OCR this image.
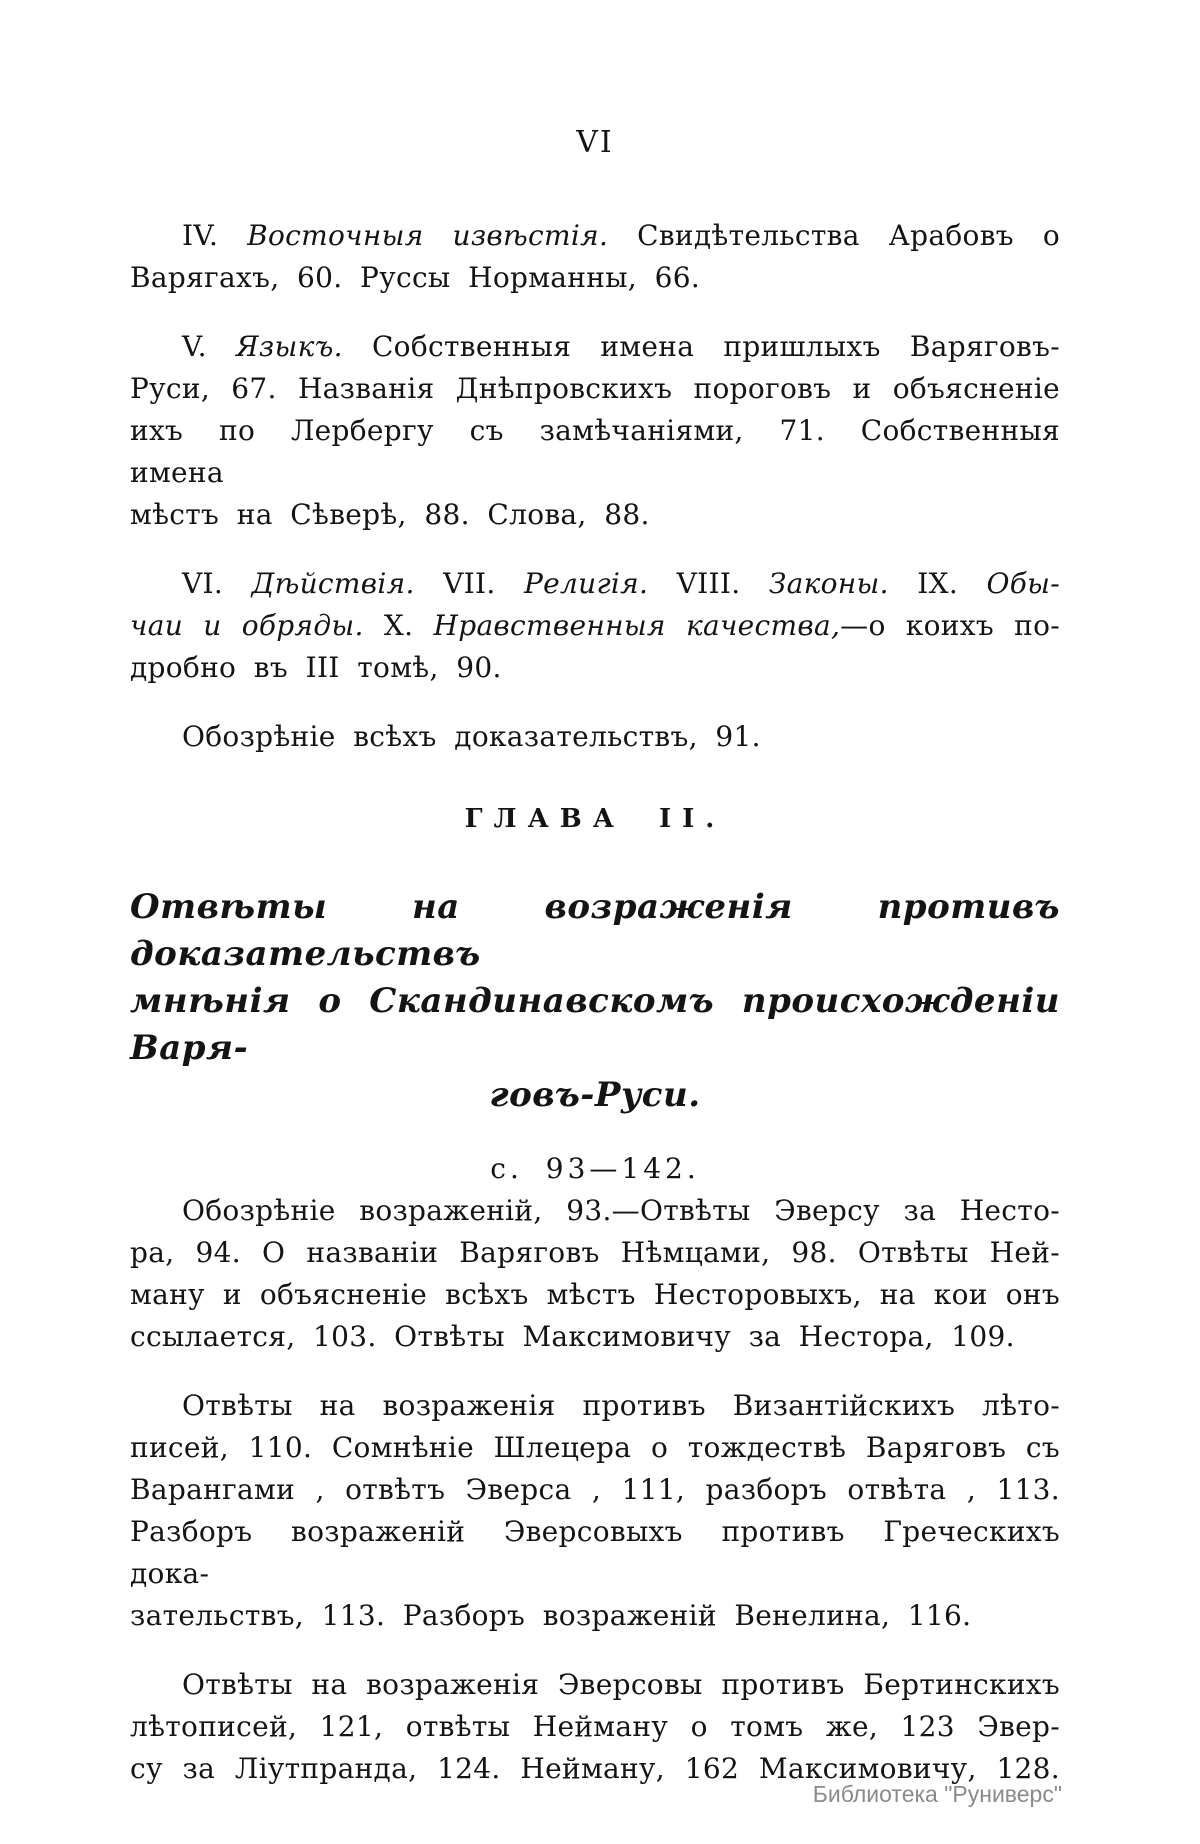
VI
IV. Восточныя извѣстія. Свидѣтельства Арабовъ о
Варягахъ, 60. Руссы Норманны, 66.
V. Языкъ. Собственныя имена пришлыхъ Варяговъ-
Руси, 67. Названія Днѣпровскихъ пороговъ и объясненіе
ихъ по Лербергу съ замѣчаніями, 71. Собственныя имена
мѣстъ на Сѣверѣ, 88. Слова, 88.
VI. Дѣйствія. VII. Религія. VIII. Законы. IX. Обы-
чаи и обряды. X. Нравственныя качества,—о коихъ по-
дробно въ III томѣ, 90.
Обозрѣніе всѣхъ доказательствъ, 91.
ГЛАВА II.
Отвѣты на возраженія противъ доказательствъ
мнѣнія о Скандинавскомъ происхожденіи Варя-
говъ-Руси.
с. 93—142.
Обозрѣніе возраженій, 93.—Отвѣты Эверсу за Несто-
ра, 94. О названіи Варяговъ Нѣмцами, 98. Отвѣты Ней-
ману и объясненіе всѣхъ мѣстъ Несторовыхъ, на кои онъ
ссылается, 103. Отвѣты Максимовичу за Нестора, 109.
Отвѣты на возраженія противъ Византійскихъ лѣто-
писей, 110. Сомнѣніе Шлецера о тождествѣ Варяговъ съ
Варангами , отвѣтъ Эверса , 111, разборъ отвѣта , 113.
Разборъ возраженій Эверсовыхъ противъ Греческихъ дока-
зательствъ, 113. Разборъ возраженій Венелина, 116.
Отвѣты на возраженія Эверсовы противъ Бертинскихъ
лѣтописей, 121, отвѣты Нейману о томъ же, 123 Эвер-
су за Ліутпранда, 124. Нейману, 162 Максимовичу, 128.
Библиотека "Руниверс"
